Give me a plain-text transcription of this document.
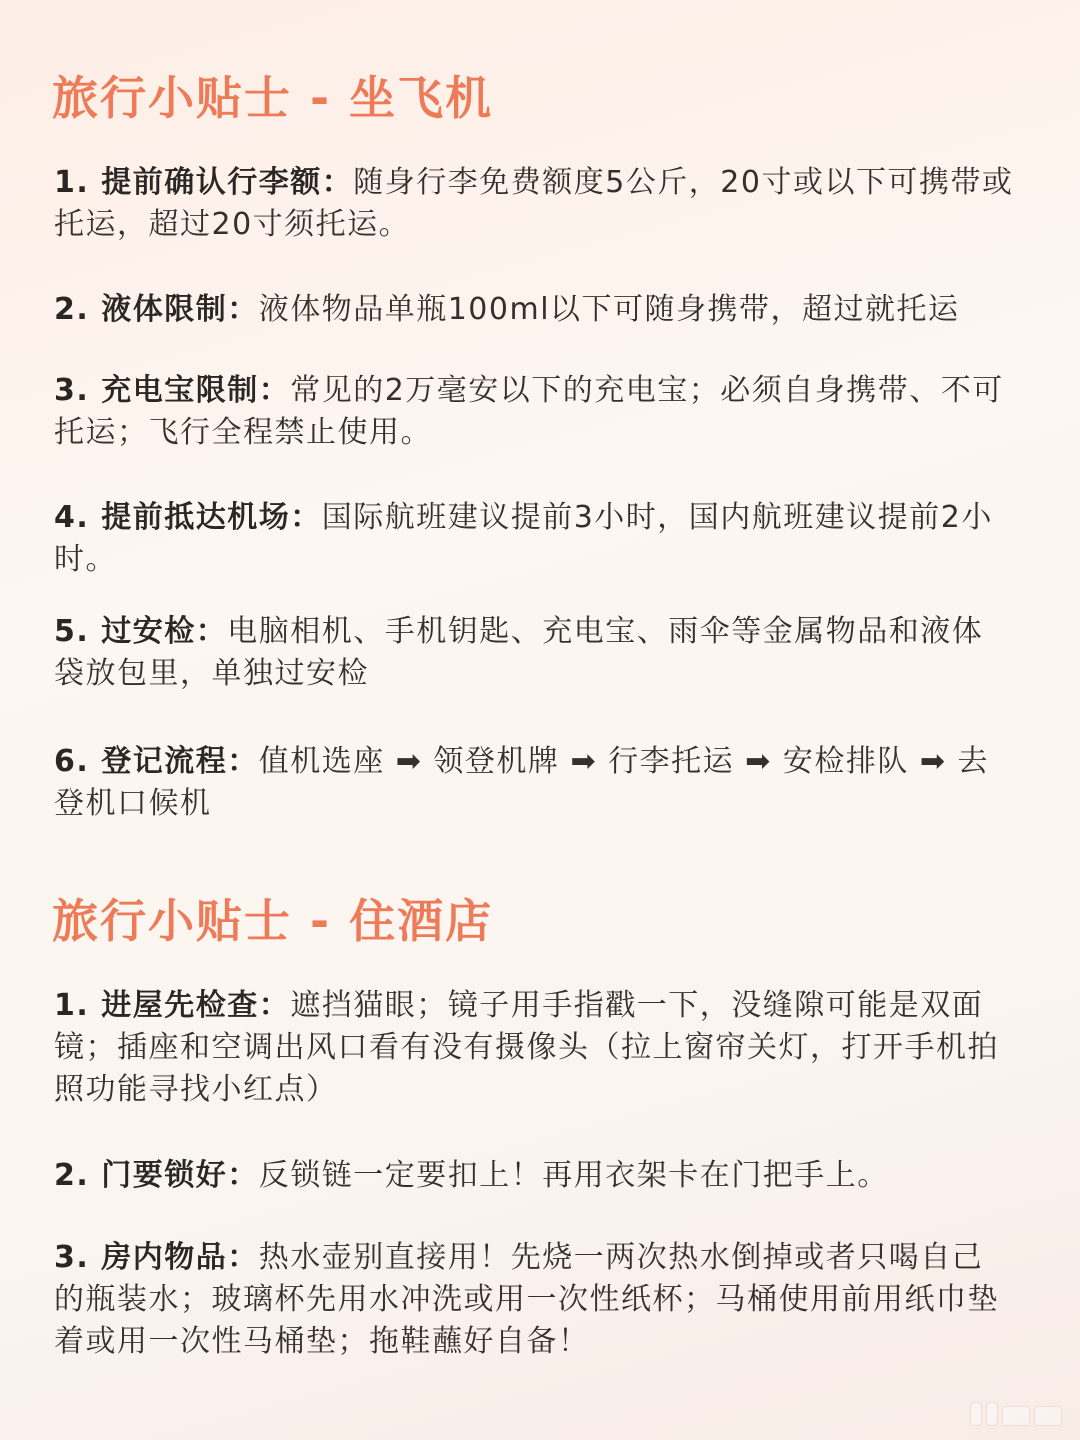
旅行小贴士 - 坐飞机

1. 提前确认行李额：随身行李免费额度5公斤，20寸或以下可携带或托运，超过20寸须托运。

2. 液体限制：液体物品单瓶100ml以下可随身携带，超过就托运

3. 充电宝限制：常见的2万毫安以下的充电宝；必须自身携带、不可托运；飞行全程禁止使用。

4. 提前抵达机场：国际航班建议提前3小时，国内航班建议提前2小时。

5. 过安检：电脑相机、手机钥匙、充电宝、雨伞等金属物品和液体袋放包里，单独过安检

6. 登记流程：值机选座 ➡ 领登机牌 ➡ 行李托运 ➡ 安检排队 ➡ 去登机口候机

旅行小贴士 - 住酒店

1. 进屋先检查：遮挡猫眼；镜子用手指戳一下，没缝隙可能是双面镜；插座和空调出风口看有没有摄像头（拉上窗帘关灯，打开手机拍照功能寻找小红点）

2. 门要锁好：反锁链一定要扣上！再用衣架卡在门把手上。

3. 房内物品：热水壶别直接用！先烧一两次热水倒掉或者只喝自己的瓶装水；玻璃杯先用水冲洗或用一次性纸杯；马桶使用前用纸巾垫着或用一次性马桶垫；拖鞋蘸好自备！
